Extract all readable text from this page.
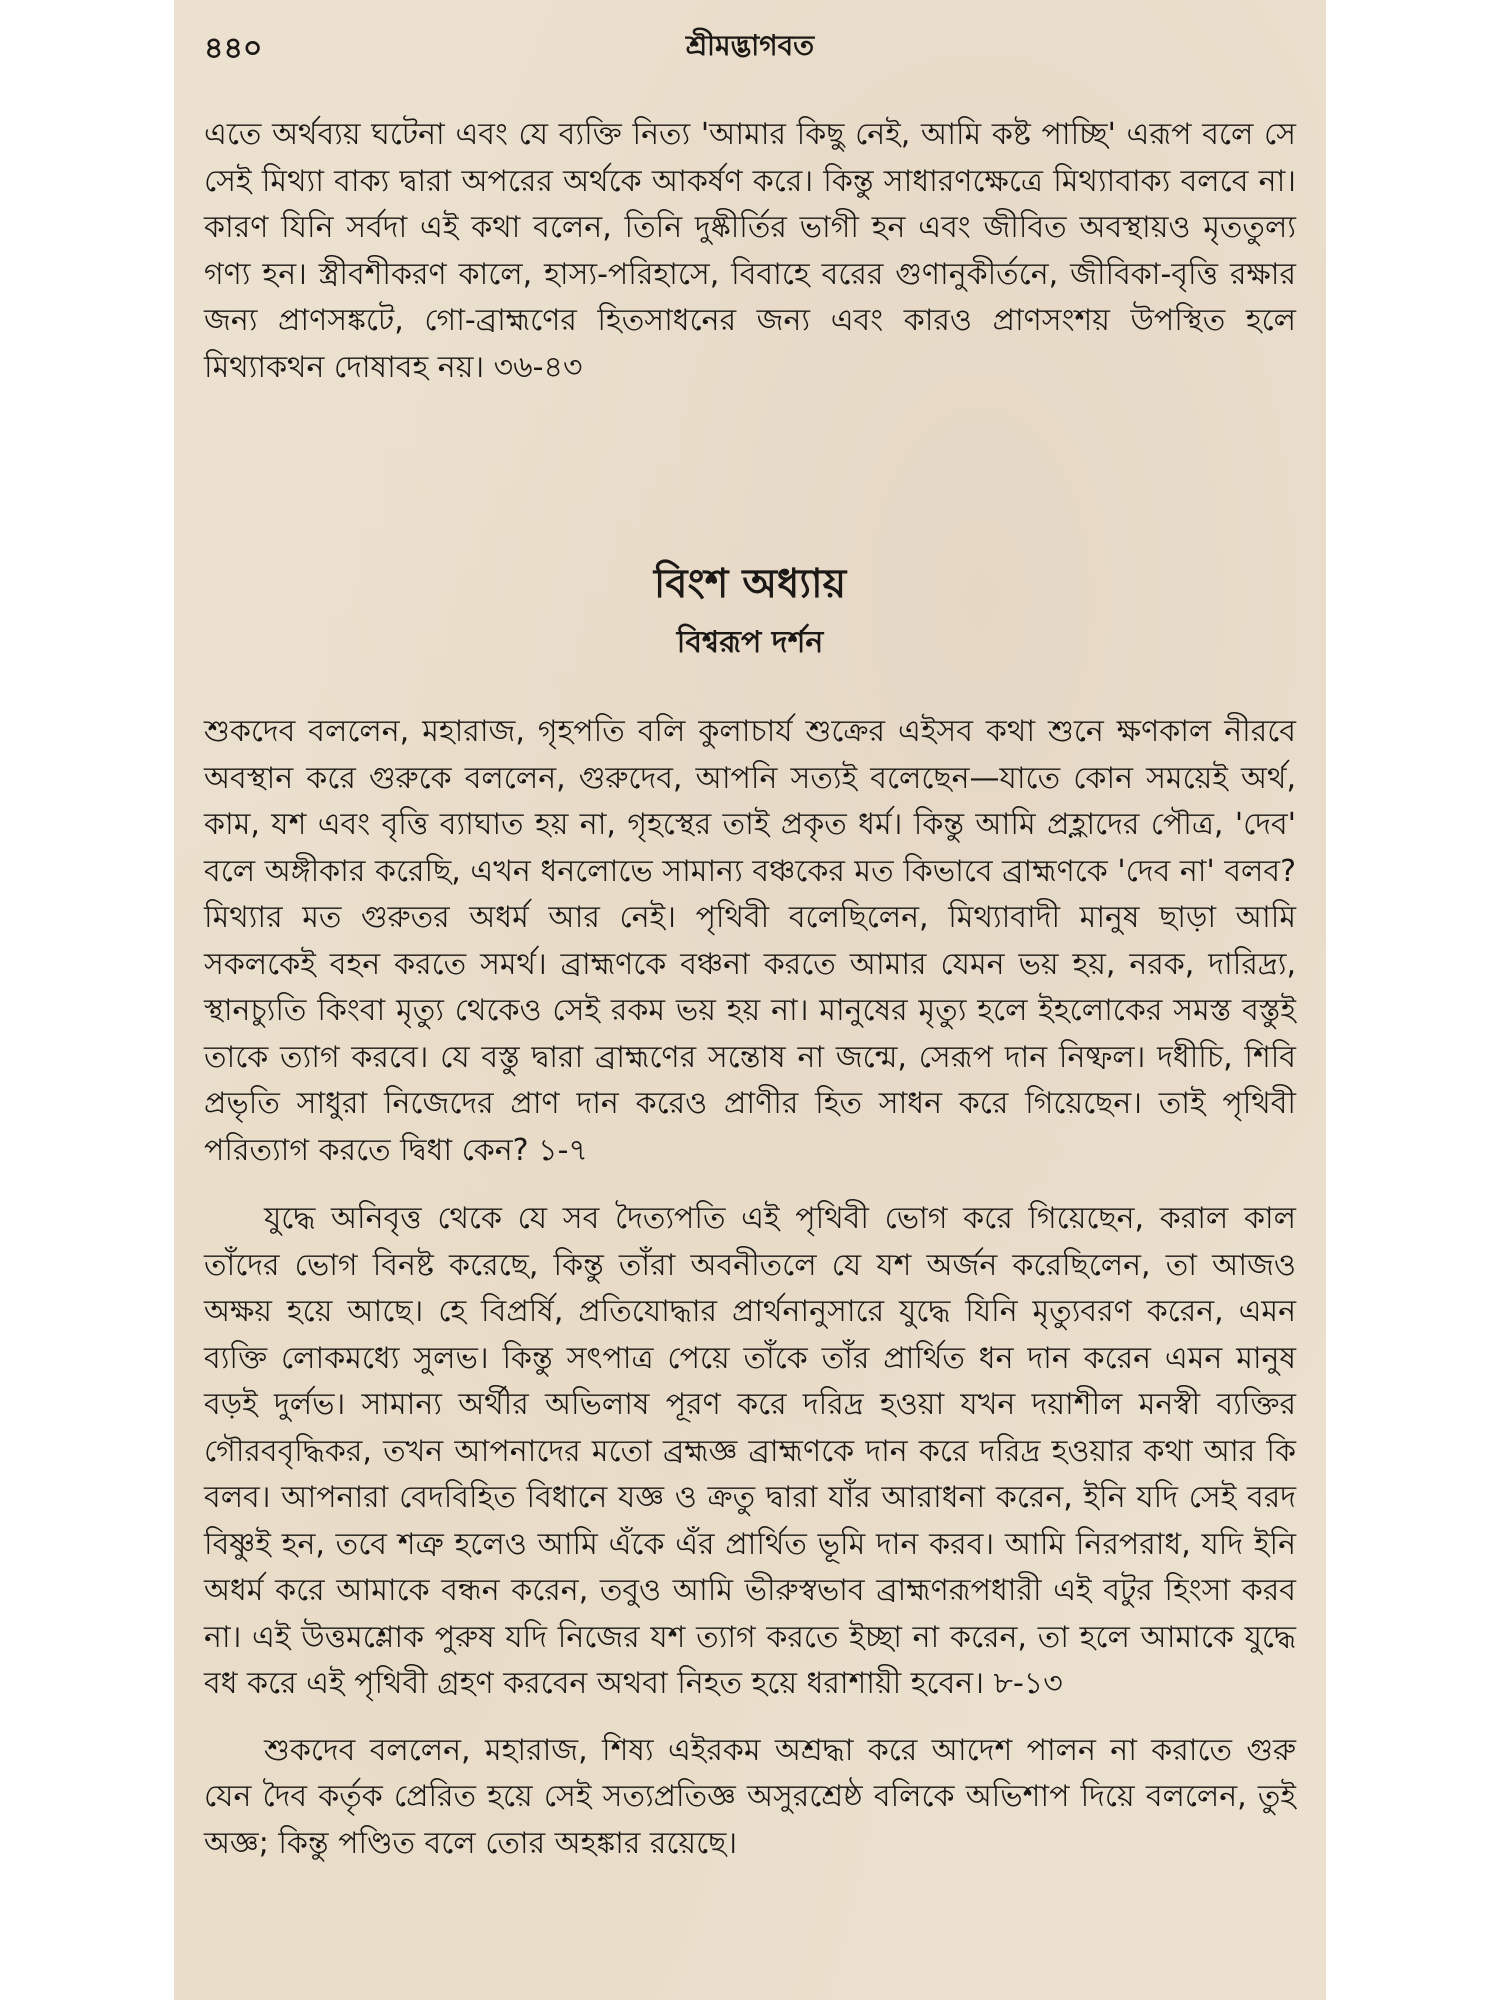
৪৪০	শ্রীমদ্ভাগবত

এতে অর্থব্যয় ঘটেনা এবং যে ব্যক্তি নিত্য 'আমার কিছু নেই, আমি কষ্ট পাচ্ছি' এরূপ বলে সে সেই মিথ্যা বাক্য দ্বারা অপরের অর্থকে আকর্ষণ করে। কিন্তু সাধারণক্ষেত্রে মিথ্যাবাক্য বলবে না। কারণ যিনি সর্বদা এই কথা বলেন, তিনি দুষ্কীর্তির ভাগী হন এবং জীবিত অবস্থায়ও মৃততুল্য গণ্য হন। স্ত্রীবশীকরণ কালে, হাস্য-পরিহাসে, বিবাহে বরের গুণানুকীর্তনে, জীবিকা-বৃত্তি রক্ষার জন্য প্রাণসঙ্কটে, গো-ব্রাহ্মণের হিতসাধনের জন্য এবং কারও প্রাণসংশয় উপস্থিত হলে মিথ্যাকথন দোষাবহ নয়। ৩৬-৪৩

বিংশ অধ্যায়
বিশ্বরূপ দর্শন

শুকদেব বললেন, মহারাজ, গৃহপতি বলি কুলাচার্য শুক্রের এইসব কথা শুনে ক্ষণকাল নীরবে অবস্থান করে গুরুকে বললেন, গুরুদেব, আপনি সত্যই বলেছেন—যাতে কোন সময়েই অর্থ, কাম, যশ এবং বৃত্তি ব্যাঘাত হয় না, গৃহস্থের তাই প্রকৃত ধর্ম। কিন্তু আমি প্রহ্লাদের পৌত্র, 'দেব' বলে অঙ্গীকার করেছি, এখন ধনলোভে সামান্য বঞ্চকের মত কিভাবে ব্রাহ্মণকে 'দেব না' বলব? মিথ্যার মত গুরুতর অধর্ম আর নেই। পৃথিবী বলেছিলেন, মিথ্যাবাদী মানুষ ছাড়া আমি সকলকেই বহন করতে সমর্থ। ব্রাহ্মণকে বঞ্চনা করতে আমার যেমন ভয় হয়, নরক, দারিদ্র্য, স্থানচ্যুতি কিংবা মৃত্যু থেকেও সেই রকম ভয় হয় না। মানুষের মৃত্যু হলে ইহলোকের সমস্ত বস্তুই তাকে ত্যাগ করবে। যে বস্তু দ্বারা ব্রাহ্মণের সন্তোষ না জন্মে, সেরূপ দান নিষ্ফল। দধীচি, শিবি প্রভৃতি সাধুরা নিজেদের প্রাণ দান করেও প্রাণীর হিত সাধন করে গিয়েছেন। তাই পৃথিবী পরিত্যাগ করতে দ্বিধা কেন? ১-৭

যুদ্ধে অনিবৃত্ত থেকে যে সব দৈত্যপতি এই পৃথিবী ভোগ করে গিয়েছেন, করাল কাল তাঁদের ভোগ বিনষ্ট করেছে, কিন্তু তাঁরা অবনীতলে যে যশ অর্জন করেছিলেন, তা আজও অক্ষয় হয়ে আছে। হে বিপ্রর্ষি, প্রতিযোদ্ধার প্রার্থনানুসারে যুদ্ধে যিনি মৃত্যুবরণ করেন, এমন ব্যক্তি লোকমধ্যে সুলভ। কিন্তু সৎপাত্র পেয়ে তাঁকে তাঁর প্রার্থিত ধন দান করেন এমন মানুষ বড়ই দুর্লভ। সামান্য অর্থীর অভিলাষ পূরণ করে দরিদ্র হওয়া যখন দয়াশীল মনস্বী ব্যক্তির গৌরববৃদ্ধিকর, তখন আপনাদের মতো ব্রহ্মজ্ঞ ব্রাহ্মণকে দান করে দরিদ্র হওয়ার কথা আর কি বলব। আপনারা বেদবিহিত বিধানে যজ্ঞ ও ক্রতু দ্বারা যাঁর আরাধনা করেন, ইনি যদি সেই বরদ বিষ্ণুই হন, তবে শত্রু হলেও আমি এঁকে এঁর প্রার্থিত ভূমি দান করব। আমি নিরপরাধ, যদি ইনি অধর্ম করে আমাকে বন্ধন করেন, তবুও আমি ভীরুস্বভাব ব্রাহ্মণরূপধারী এই বটুর হিংসা করব না। এই উত্তমশ্লোক পুরুষ যদি নিজের যশ ত্যাগ করতে ইচ্ছা না করেন, তা হলে আমাকে যুদ্ধে বধ করে এই পৃথিবী গ্রহণ করবেন অথবা নিহত হয়ে ধরাশায়ী হবেন। ৮-১৩

শুকদেব বললেন, মহারাজ, শিষ্য এইরকম অশ্রদ্ধা করে আদেশ পালন না করাতে গুরু যেন দৈব কর্তৃক প্রেরিত হয়ে সেই সত্যপ্রতিজ্ঞ অসুরশ্রেষ্ঠ বলিকে অভিশাপ দিয়ে বললেন, তুই অজ্ঞ; কিন্তু পণ্ডিত বলে তোর অহঙ্কার রয়েছে।
